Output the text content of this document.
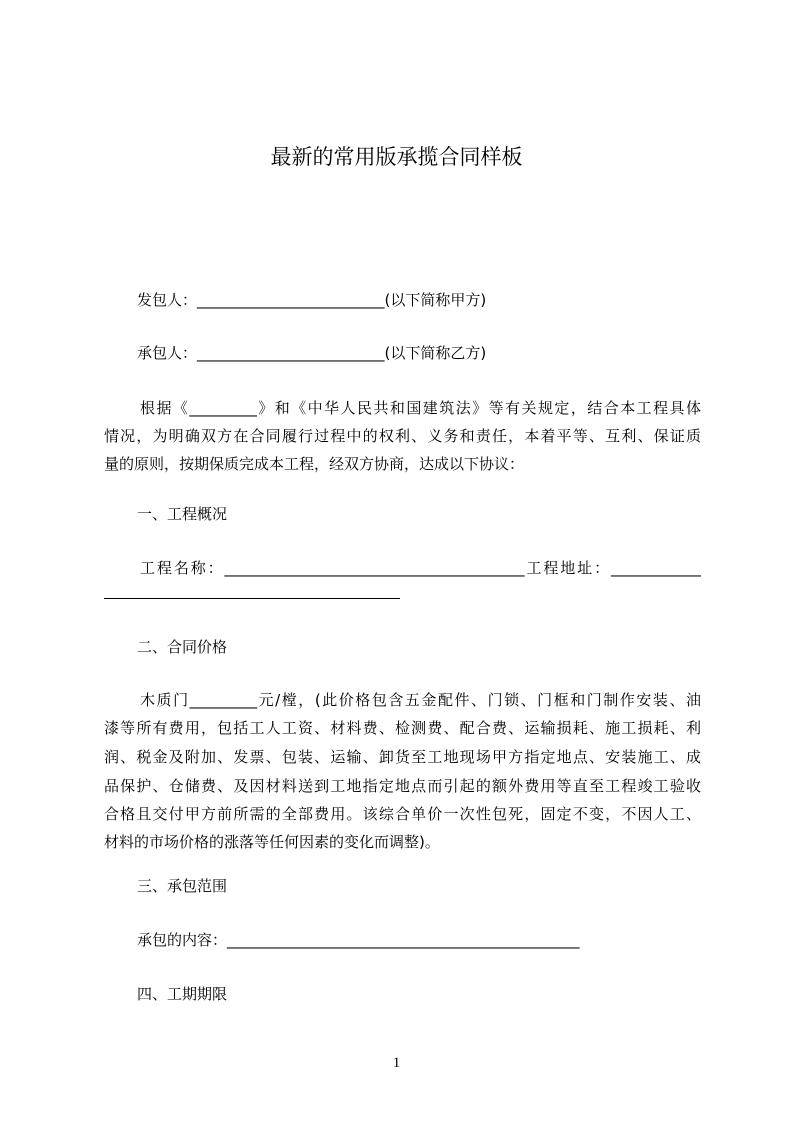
最新的常用版承揽合同样板
发包人：_________________________(以下简称甲方)
承包人：_________________________(以下简称乙方)
根据《_________》和《中华人民共和国建筑法》等有关规定，结合本工程具体
情况，为明确双方在合同履行过程中的权利、义务和责任，本着平等、互利、保证质
量的原则，按期保质完成本工程，经双方协商，达成以下协议：
一、工程概况
工程名称：________________________________________工程地址：____________
二、合同价格
木质门_________元/樘，(此价格包含五金配件、门锁、门框和门制作安装、油
漆等所有费用，包括工人工资、材料费、检测费、配合费、运输损耗、施工损耗、利
润、税金及附加、发票、包装、运输、卸货至工地现场甲方指定地点、安装施工、成
品保护、仓储费、及因材料送到工地指定地点而引起的额外费用等直至工程竣工验收
合格且交付甲方前所需的全部费用。该综合单价一次性包死，固定不变，不因人工、
材料的市场价格的涨落等任何因素的变化而调整)。
三、承包范围
承包的内容：_______________________________________________
四、工期期限
1
